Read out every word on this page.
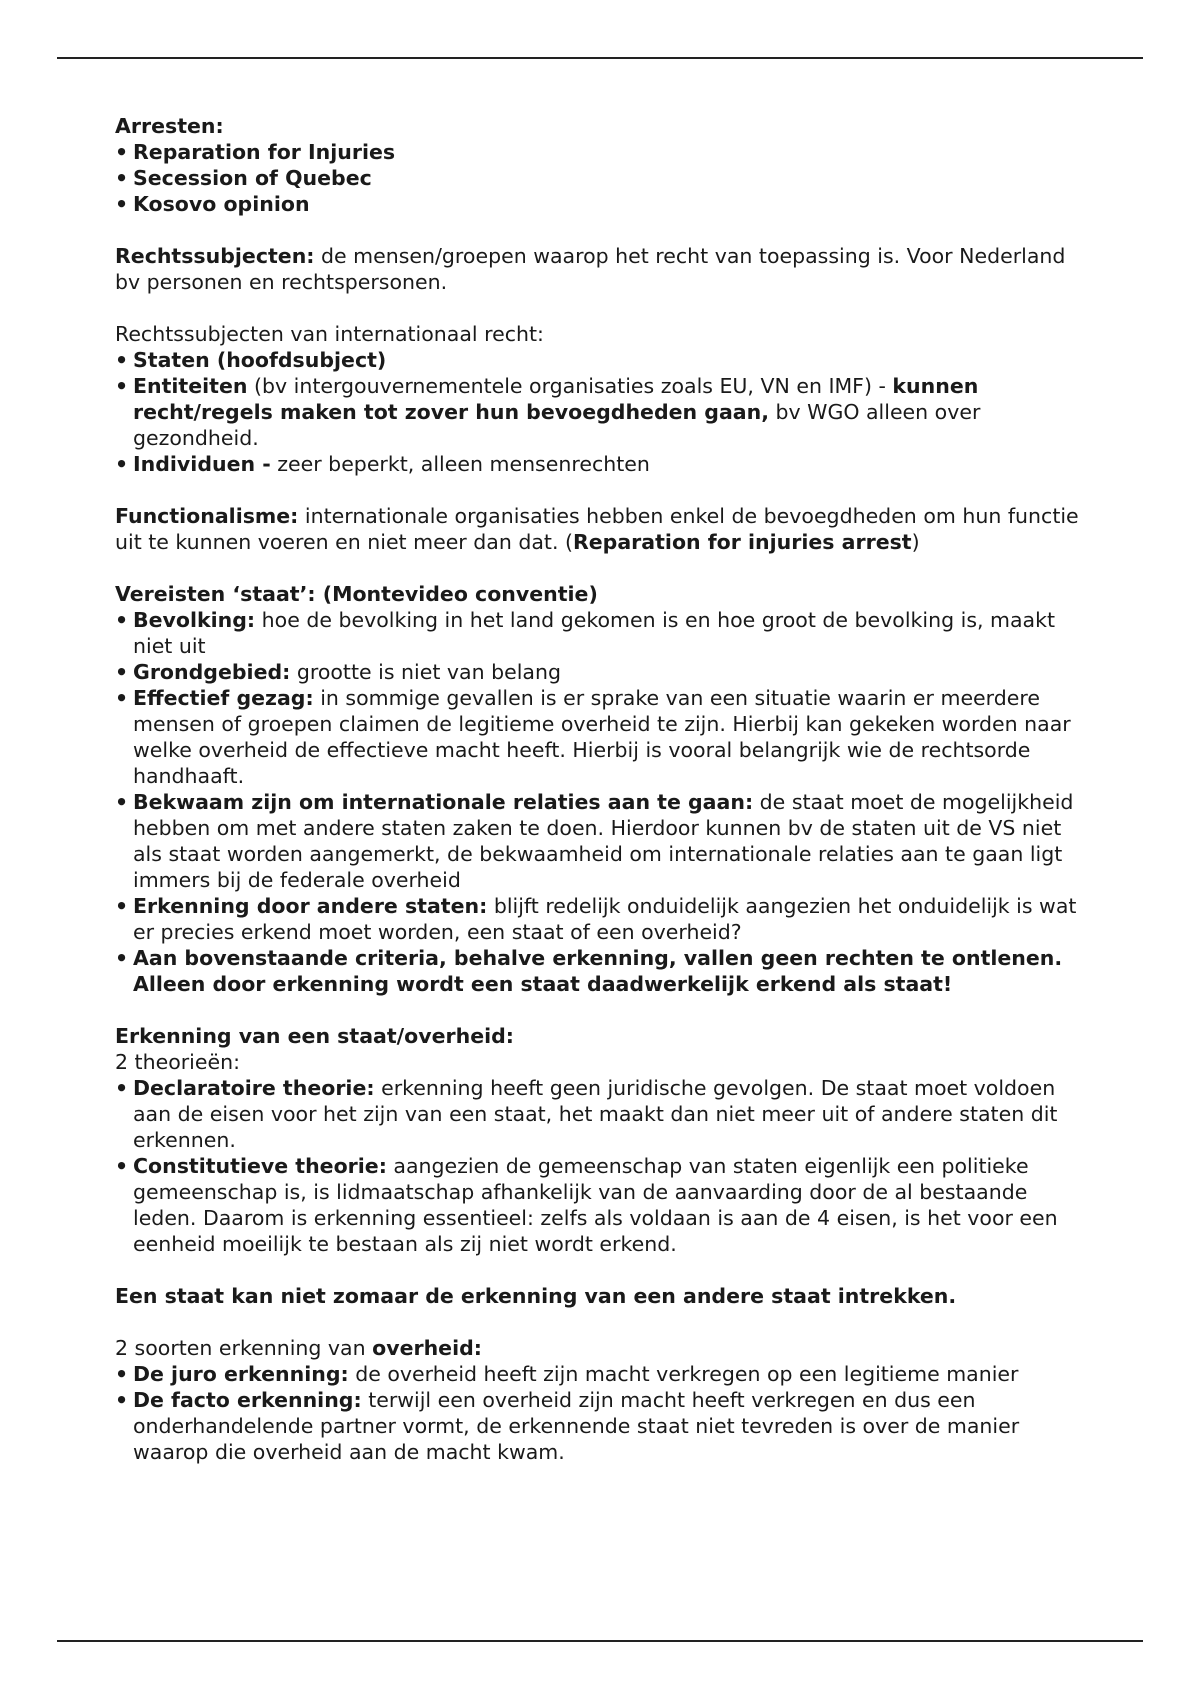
Arresten:

• Reparation for Injuries
• Secession of Quebec
• Kosovo opinion

Rechtssubjecten: de mensen/groepen waarop het recht van toepassing is. Voor Nederland bv personen en rechtspersonen.

Rechtssubjecten van internationaal recht:

• Staten (hoofdsubject)
• Entiteiten (bv intergouvernementele organisaties zoals EU, VN en IMF) - kunnen recht/regels maken tot zover hun bevoegdheden gaan, bv WGO alleen over gezondheid.
• Individuen - zeer beperkt, alleen mensenrechten

Functionalisme: internationale organisaties hebben enkel de bevoegdheden om hun functie uit te kunnen voeren en niet meer dan dat. (Reparation for injuries arrest)

Vereisten ‘staat’: (Montevideo conventie)

• Bevolking: hoe de bevolking in het land gekomen is en hoe groot de bevolking is, maakt niet uit
• Grondgebied: grootte is niet van belang
• Effectief gezag: in sommige gevallen is er sprake van een situatie waarin er meerdere mensen of groepen claimen de legitieme overheid te zijn. Hierbij kan gekeken worden naar welke overheid de effectieve macht heeft. Hierbij is vooral belangrijk wie de rechtsorde handhaaft.
• Bekwaam zijn om internationale relaties aan te gaan: de staat moet de mogelijkheid hebben om met andere staten zaken te doen. Hierdoor kunnen bv de staten uit de VS niet als staat worden aangemerkt, de bekwaamheid om internationale relaties aan te gaan ligt immers bij de federale overheid
• Erkenning door andere staten: blijft redelijk onduidelijk aangezien het onduidelijk is wat er precies erkend moet worden, een staat of een overheid?
• Aan bovenstaande criteria, behalve erkenning, vallen geen rechten te ontlenen. Alleen door erkenning wordt een staat daadwerkelijk erkend als staat!

Erkenning van een staat/overheid:

2 theorieën:

• Declaratoire theorie: erkenning heeft geen juridische gevolgen. De staat moet voldoen aan de eisen voor het zijn van een staat, het maakt dan niet meer uit of andere staten dit erkennen.
• Constitutieve theorie: aangezien de gemeenschap van staten eigenlijk een politieke gemeenschap is, is lidmaatschap afhankelijk van de aanvaarding door de al bestaande leden. Daarom is erkenning essentieel: zelfs als voldaan is aan de 4 eisen, is het voor een eenheid moeilijk te bestaan als zij niet wordt erkend.

Een staat kan niet zomaar de erkenning van een andere staat intrekken.

2 soorten erkenning van overheid:

• De juro erkenning: de overheid heeft zijn macht verkregen op een legitieme manier
• De facto erkenning: terwijl een overheid zijn macht heeft verkregen en dus een onderhandelende partner vormt, de erkennende staat niet tevreden is over de manier waarop die overheid aan de macht kwam.
